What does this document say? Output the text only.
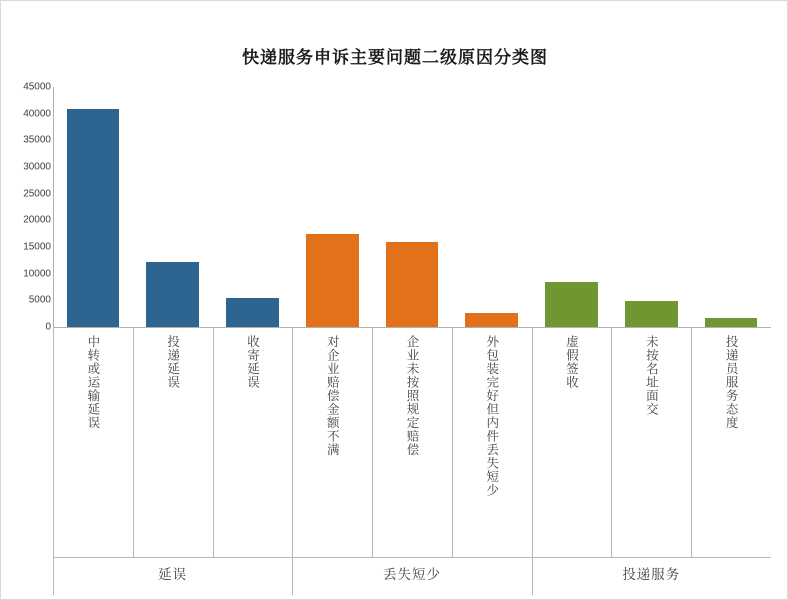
快递服务申诉主要问题二级原因分类图
0
5000
10000
15000
20000
25000
30000
35000
40000
45000
中转或运输延误	投递延误	收寄延误	对企业赔偿金额不满	企业未按照规定赔偿	外包装完好但内件丢失短少	虚假签收	未按名址面交	投递员服务态度
延误	丢失短少	投递服务
